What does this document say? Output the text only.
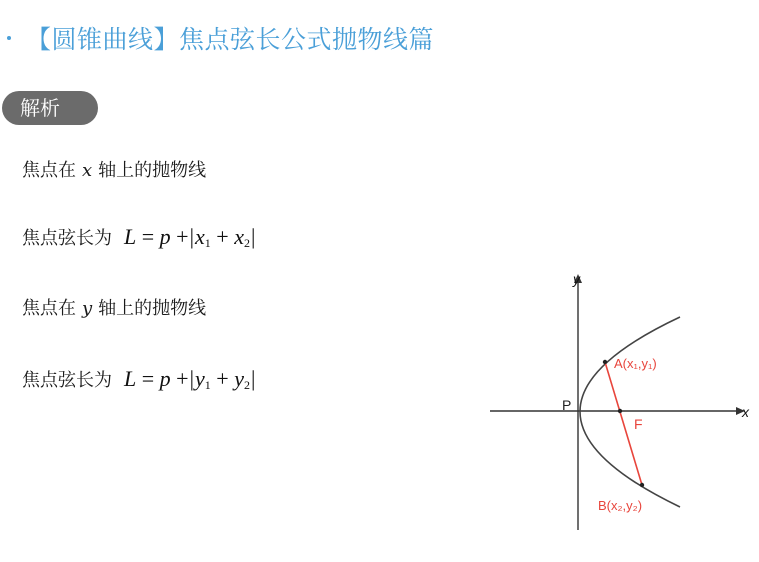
【圆锥曲线】焦点弦长公式抛物线篇
解析
焦点在 x 轴上的抛物线
焦点弦长为 $L = p +|x_1 + x_2|$
焦点在 y 轴上的抛物线
焦点弦长为 $L = p +|y_1 + y_2|$
x
y
P
F
A(x₁,y₁)
B(x₂,y₂)
